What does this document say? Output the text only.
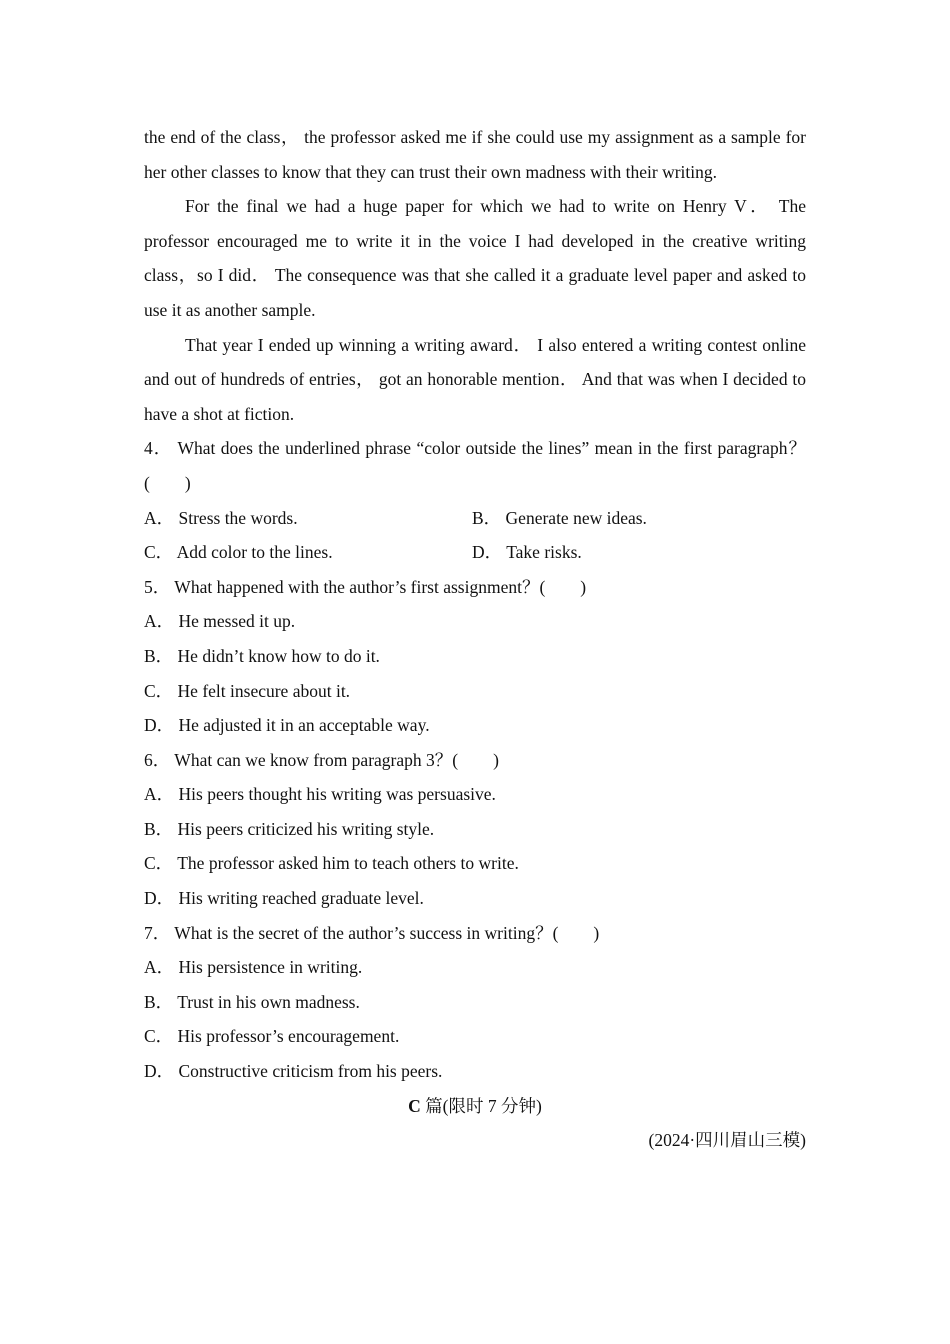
the end of the class， the professor asked me if she could use my assignment as a sample for her other classes to know that they can trust their own madness with their writing.

For the final we had a huge paper for which we had to write on Henry V． The professor encouraged me to write it in the voice I had developed in the creative writing class，so I did． The consequence was that she called it a graduate level paper and asked to use it as another sample.

That year I ended up winning a writing award． I also entered a writing contest online and out of hundreds of entries， got an honorable mention． And that was when I decided to have a shot at fiction.

4． What does the underlined phrase “color outside the lines” mean in the first paragraph？(　　)

A． Stress the words.	B． Generate new ideas.

C． Add color to the lines.	D． Take risks.

5． What happened with the author’s first assignment？(　　)

A． He messed it up.

B． He didn’t know how to do it.

C． He felt insecure about it.

D． He adjusted it in an acceptable way.

6． What can we know from paragraph 3？(　　)

A． His peers thought his writing was persuasive.

B． His peers criticized his writing style.

C． The professor asked him to teach others to write.

D． His writing reached graduate level.

7． What is the secret of the author’s success in writing？(　　)

A． His persistence in writing.

B． Trust in his own madness.

C． His professor’s encouragement.

D． Constructive criticism from his peers.

C 篇(限时 7 分钟)

(2024·四川眉山三模)
